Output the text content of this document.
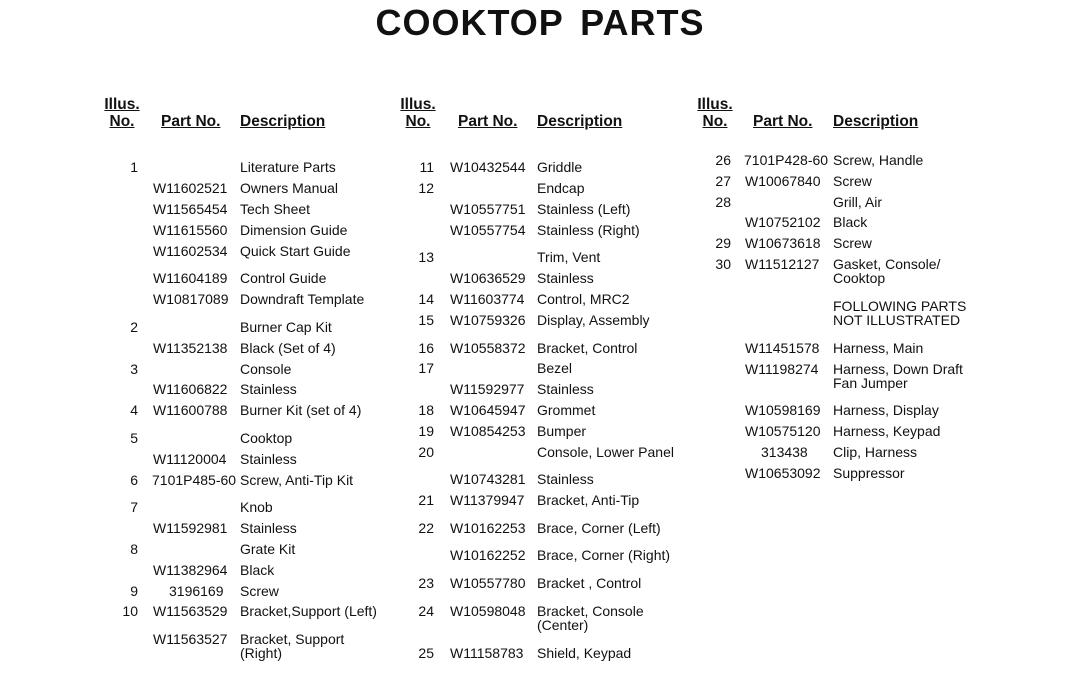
COOKTOP PARTS
Illus.
No.	Part No. Description
1	Literature Parts
W11602521 Owners Manual
W11565454 Tech Sheet
W11615560 Dimension Guide
W11602534 Quick Start Guide
W11604189 Control Guide
W10817089 Downdraft Template
2	Burner Cap Kit
W11352138 Black (Set of 4)
3	Console
W11606822 Stainless
4 W11600788 Burner Kit (set of 4)
5	Cooktop
W11120004 Stainless
6 7101P485-60 Screw, Anti-Tip Kit
7	Knob
W11592981 Stainless
8	Grate Kit
W11382964 Black
9 3196169 Screw
10 W11563529 Bracket,Support (Left)
W11563527 Bracket, Support
(Right)
Illus.
No.	Part No. Description
11 W10432544 Griddle
12	Endcap
W10557751 Stainless (Left)
W10557754 Stainless (Right)
13	Trim, Vent
W10636529 Stainless
14 W11603774 Control, MRC2
15 W10759326 Display, Assembly
16 W10558372 Bracket, Control
17	Bezel
W11592977 Stainless
18 W10645947 Grommet
19 W10854253 Bumper
20	Console, Lower Panel
W10743281 Stainless
21 W11379947 Bracket, Anti-Tip
22 W10162253 Brace, Corner (Left)
W10162252 Brace, Corner (Right)
23 W10557780 Bracket , Control
24 W10598048 Bracket, Console
(Center)
25 W11158783 Shield, Keypad
Illus.
No.	Part No. Description
26 7101P428-60 Screw, Handle
27 W10067840 Screw
28	Grill, Air
W10752102 Black
29 W10673618 Screw
30 W11512127 Gasket, Console/
Cooktop
FOLLOWING PARTS
NOT ILLUSTRATED
W11451578 Harness, Main
W11198274 Harness, Down Draft
Fan Jumper
W10598169 Harness, Display
W10575120 Harness, Keypad
313438 Clip, Harness
W10653092 Suppressor
